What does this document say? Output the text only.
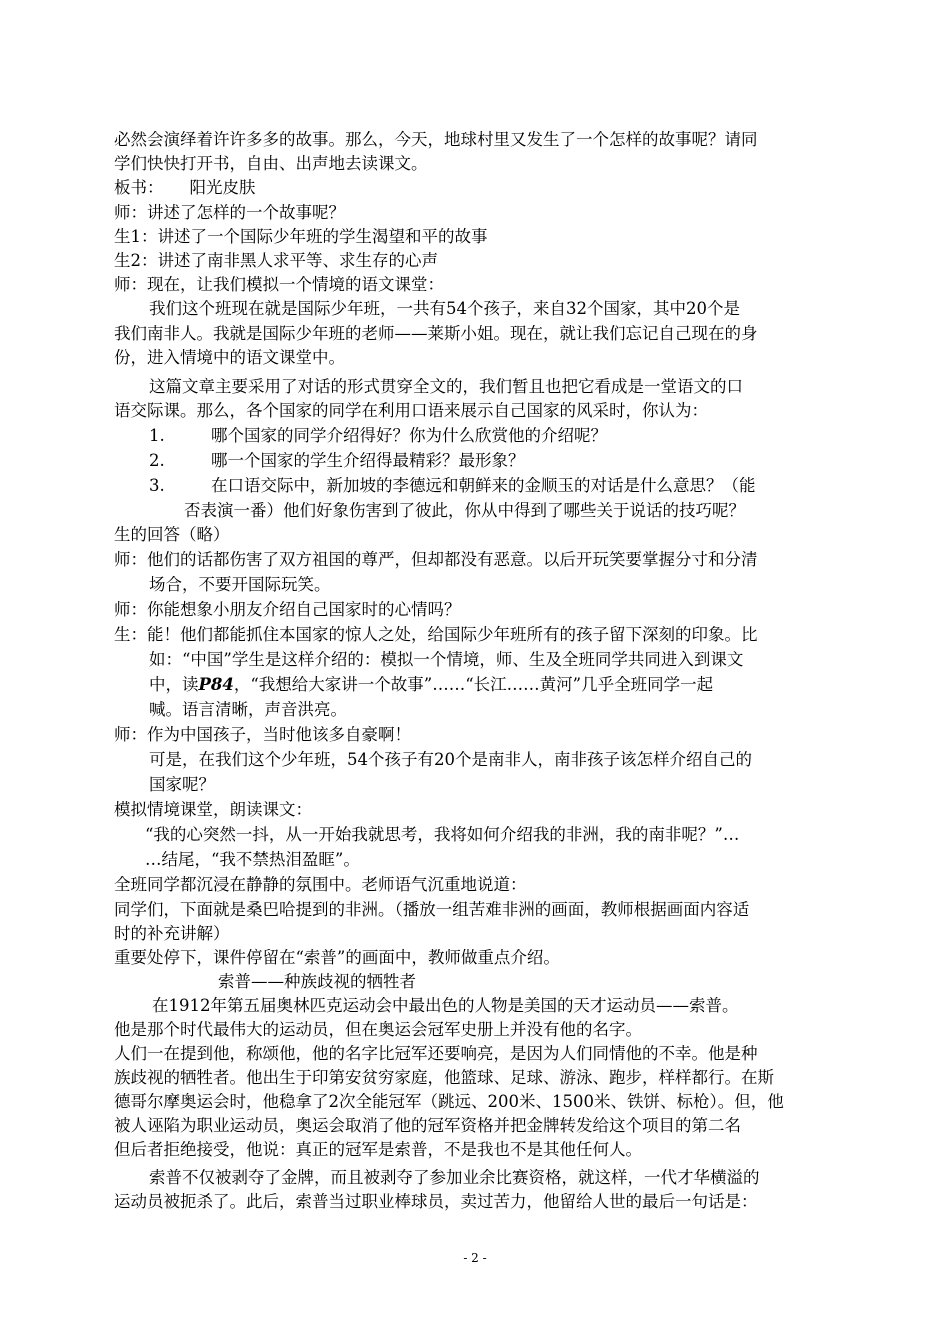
必然会演绎着许许多多的故事。那么，今天，地球村里又发生了一个怎样的故事呢？请同
学们快快打开书，自由、出声地去读课文。
板书： 阳光皮肤
师：讲述了怎样的一个故事呢？
生1：讲述了一个国际少年班的学生渴望和平的故事
生2：讲述了南非黑人求平等、求生存的心声
师：现在，让我们模拟一个情境的语文课堂：
我们这个班现在就是国际少年班，一共有54个孩子，来自32个国家，其中20个是
我们南非人。我就是国际少年班的老师——莱斯小姐。现在，就让我们忘记自己现在的身
份，进入情境中的语文课堂中。
这篇文章主要采用了对话的形式贯穿全文的，我们暂且也把它看成是一堂语文的口
语交际课。那么，各个国家的同学在利用口语来展示自己国家的风采时，你认为：
1.	哪个国家的同学介绍得好？你为什么欣赏他的介绍呢？
2.	哪一个国家的学生介绍得最精彩？最形象？
3.	在口语交际中，新加坡的李德远和朝鲜来的金顺玉的对话是什么意思？（能
否表演一番）他们好象伤害到了彼此，你从中得到了哪些关于说话的技巧呢？
生的回答（略）
师：他们的话都伤害了双方祖国的尊严，但却都没有恶意。以后开玩笑要掌握分寸和分清
场合，不要开国际玩笑。
师：你能想象小朋友介绍自己国家时的心情吗？
生：能！他们都能抓住本国家的惊人之处，给国际少年班所有的孩子留下深刻的印象。比
如：“中国”学生是这样介绍的：模拟一个情境，师、生及全班同学共同进入到课文
中，读P84，“我想给大家讲一个故事”……“长江……黄河”几乎全班同学一起
喊。语言清晰，声音洪亮。
师：作为中国孩子，当时他该多自豪啊！
可是，在我们这个少年班，54个孩子有20个是南非人，南非孩子该怎样介绍自己的
国家呢？
模拟情境课堂，朗读课文：
“我的心突然一抖，从一开始我就思考，我将如何介绍我的非洲，我的南非呢？”…
…结尾，“我不禁热泪盈眶”。
全班同学都沉浸在静静的氛围中。老师语气沉重地说道：
同学们，下面就是桑巴哈提到的非洲。（播放一组苦难非洲的画面，教师根据画面内容适
时的补充讲解）
重要处停下，课件停留在“索普”的画面中，教师做重点介绍。
索普——种族歧视的牺牲者
在1912年第五届奥林匹克运动会中最出色的人物是美国的天才运动员——索普。
他是那个时代最伟大的运动员，但在奥运会冠军史册上并没有他的名字。
人们一在提到他，称颂他，他的名字比冠军还要响亮，是因为人们同情他的不幸。他是种
族歧视的牺牲者。他出生于印第安贫穷家庭，他篮球、足球、游泳、跑步，样样都行。在斯
德哥尔摩奥运会时，他稳拿了2次全能冠军（跳远、200米、1500米、铁饼、标枪）。但，他
被人诬陷为职业运动员，奥运会取消了他的冠军资格并把金牌转发给这个项目的第二名
但后者拒绝接受，他说：真正的冠军是索普，不是我也不是其他任何人。
索普不仅被剥夺了金牌，而且被剥夺了参加业余比赛资格，就这样，一代才华横溢的
运动员被扼杀了。此后，索普当过职业棒球员，卖过苦力，他留给人世的最后一句话是：
- 2 -
